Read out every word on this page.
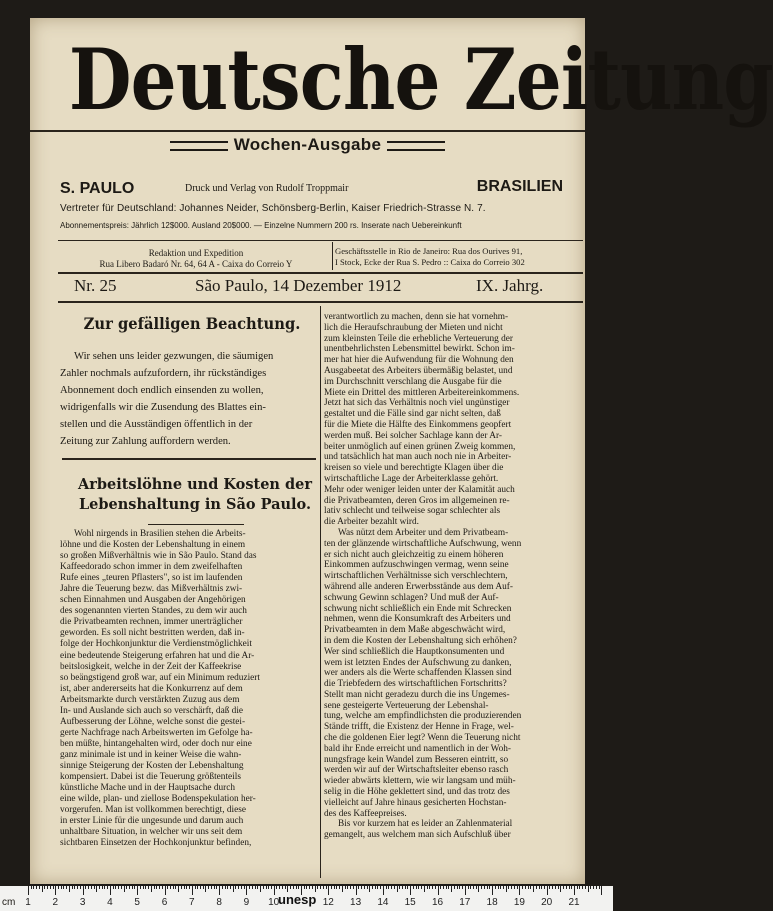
Deutsche Zeitung
Wochen-Ausgabe
S. PAULO	Druck und Verlag von Rudolf Troppmair	BRASILIEN
Vertreter für Deutschland: Johannes Neider, Schönsberg-Berlin, Kaiser Friedrich-Strasse N. 7.
Abonnementspreis: Jährlich 12$000. Ausland 20$000. — Einzelne Nummern 200 rs. Inserate nach Uebereinkunft
Redaktion und Expedition
Rua Libero Badaró Nr. 64, 64 A - Caixa do Correio Y
Geschäftsstelle in Rio de Janeiro: Rua dos Ourives 91,
I Stock, Ecke der Rua S. Pedro :: Caixa do Correio 302
Nr. 25	São Paulo, 14 Dezember 1912	IX. Jahrg.
Zur gefälligen Beachtung.
Wir sehen uns leider gezwungen, die säumigen
Zahler nochmals aufzufordern, ihr rückständiges
Abonnement doch endlich einsenden zu wollen,
widrigenfalls wir die Zusendung des Blattes ein-
stellen und die Ausständigen öffentlich in der
Zeitung zur Zahlung auffordern werden.
Arbeitslöhne und Kosten der Lebenshaltung in São Paulo.
Wohl nirgends in Brasilien stehen die Arbeits-
löhne und die Kosten der Lebenshaltung in einem
so großen Mißverhältnis wie in São Paulo. Stand das
Kaffeedorado schon immer in dem zweifelhaften
Rufe eines „teuren Pflasters", so ist im laufenden
Jahre die Teuerung bezw. das Mißverhältnis zwi-
schen Einnahmen und Ausgaben der Angehörigen
des sogenannten vierten Standes, zu dem wir auch
die Privatbeamten rechnen, immer unerträglicher
geworden. Es soll nicht bestritten werden, daß in-
folge der Hochkonjunktur die Verdienstmöglichkeit
eine bedeutende Steigerung erfahren hat und die Ar-
beitslosigkeit, welche in der Zeit der Kaffeekrise
so beängstigend groß war, auf ein Minimum reduziert
ist, aber andererseits hat die Konkurrenz auf dem
Arbeitsmarkte durch verstärkten Zuzug aus dem
In- und Auslande sich auch so verschärft, daß die
Aufbesserung der Löhne, welche sonst die gestei-
gerte Nachfrage nach Arbeitswerten im Gefolge ha-
ben müßte, hintangehalten wird, oder doch nur eine
ganz minimale ist und in keiner Weise die wahn-
sinnige Steigerung der Kosten der Lebenshaltung
kompensiert. Dabei ist die Teuerung größtenteils
künstliche Mache und in der Hauptsache durch
eine wilde, plan- und ziellose Bodenspekulation her-
vorgerufen. Man ist vollkommen berechtigt, diese
in erster Linie für die ungesunde und darum auch
unhaltbare Situation, in welcher wir uns seit dem
sichtbaren Einsetzen der Hochkonjunktur befinden,
verantwortlich zu machen, denn sie hat vornehm-
lich die Heraufschraubung der Mieten und nicht
zum kleinsten Teile die erhebliche Verteuerung der
unentbehrlichsten Lebensmittel bewirkt. Schon im-
mer hat hier die Aufwendung für die Wohnung den
Ausgabeetat des Arbeiters übermäßig belastet, und
im Durchschnitt verschlang die Ausgabe für die
Miete ein Drittel des mittleren Arbeitereinkommens.
Jetzt hat sich das Verhältnis noch viel ungünstiger
gestaltet und die Fälle sind gar nicht selten, daß
für die Miete die Hälfte des Einkommens geopfert
werden muß. Bei solcher Sachlage kann der Ar-
beiter unmöglich auf einen grünen Zweig kommen,
und tatsächlich hat man auch noch nie in Arbeiter-
kreisen so viele und berechtigte Klagen über die
wirtschaftliche Lage der Arbeiterklasse gehört.
Mehr oder weniger leiden unter der Kalamität auch
die Privatbeamten, deren Gros im allgemeinen re-
lativ schlecht und teilweise sogar schlechter als
die Arbeiter bezahlt wird.
Was nützt dem Arbeiter und dem Privatbeam-
ten der glänzende wirtschaftliche Aufschwung, wenn
er sich nicht auch gleichzeitig zu einem höheren
Einkommen aufzuschwingen vermag, wenn seine
wirtschaftlichen Verhältnisse sich verschlechtern,
während alle anderen Erwerbsstände aus dem Auf-
schwung Gewinn schlagen? Und muß der Auf-
schwung nicht schließlich ein Ende mit Schrecken
nehmen, wenn die Konsumkraft des Arbeiters und
Privatbeamten in dem Maße abgeschwächt wird,
in dem die Kosten der Lebenshaltung sich erhöhen?
Wer sind schließlich die Hauptkonsumenten und
wem ist letzten Endes der Aufschwung zu danken,
wer anders als die Werte schaffenden Klassen sind
die Triebfedern des wirtschaftlichen Fortschritts?
Stellt man nicht geradezu durch die ins Ungemes-
sene gesteigerte Verteuerung der Lebenshal-
tung, welche am empfindlichsten die produzierenden
Stände trifft, die Existenz der Henne in Frage, wel-
che die goldenen Eier legt? Wenn die Teuerung nicht
bald ihr Ende erreicht und namentlich in der Woh-
nungsfrage kein Wandel zum Besseren eintritt, so
werden wir auf der Wirtschaftsleiter ebenso rasch
wieder abwärts klettern, wie wir langsam und müh-
selig in die Höhe geklettert sind, und das trotz des
vielleicht auf Jahre hinaus gesicherten Hochstan-
des des Kaffeepreises.
Bis vor kurzem hat es leider an Zahlenmaterial
gemangelt, aus welchem man sich Aufschluß über
cm	unesp
1 2 3 4 5 6 7 8 9 10	12 13 14 15 16 17 18 19 20 21
